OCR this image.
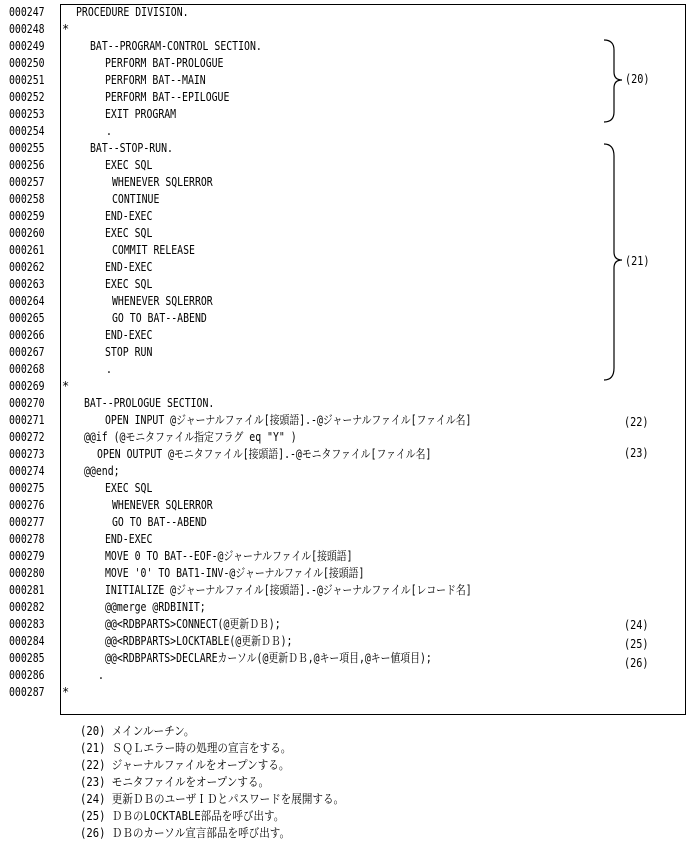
000247
000248
000249
000250
000251
000252
000253
000254
000255
000256
000257
000258
000259
000260
000261
000262
000263
000264
000265
000266
000267
000268
000269
000270
000271
000272
000273
000274
000275
000276
000277
000278
000279
000280
000281
000282
000283
000284
000285
000286
000287
PROCEDURE DIVISION.
*
BAT--PROGRAM-CONTROL SECTION.
PERFORM BAT-PROLOGUE
PERFORM BAT--MAIN
PERFORM BAT--EPILOGUE
EXIT PROGRAM
.
BAT--STOP-RUN.
EXEC SQL
WHENEVER SQLERROR
CONTINUE
END-EXEC
EXEC SQL
COMMIT RELEASE
END-EXEC
EXEC SQL
WHENEVER SQLERROR
GO TO BAT--ABEND
END-EXEC
STOP RUN
.
*
BAT--PROLOGUE SECTION.
OPEN INPUT @ジャーナルファイル[接頭語].-@ジャーナルファイル[ファイル名]
@@if (@モニタファイル指定フラグ eq "Y" )
OPEN OUTPUT @モニタファイル[接頭語].-@モニタファイル[ファイル名]
@@end;
EXEC SQL
WHENEVER SQLERROR
GO TO BAT--ABEND
END-EXEC
MOVE 0 TO BAT--EOF-@ジャーナルファイル[接頭語]
MOVE '0' TO BAT1-INV-@ジャーナルファイル[接頭語]
INITIALIZE @ジャーナルファイル[接頭語].-@ジャーナルファイル[レコード名]
@@merge @RDBINIT;
@@<RDBPARTS>CONNECT(@更新ＤＢ);
@@<RDBPARTS>LOCKTABLE(@更新ＤＢ);
@@<RDBPARTS>DECLAREカーソル(@更新ＤＢ,@キー項目,@キー値項目);
.
*
(20)
(21)
(22)
(23)
(24)
(25)
(26)
(20) メインルーチン。
(21) ＳＱＬエラー時の処理の宣言をする。
(22) ジャーナルファイルをオープンする。
(23) モニタファイルをオープンする。
(24) 更新ＤＢのユーザＩＤとパスワードを展開する。
(25) ＤＢのLOCKTABLE部品を呼び出す。
(26) ＤＢのカーソル宣言部品を呼び出す。
